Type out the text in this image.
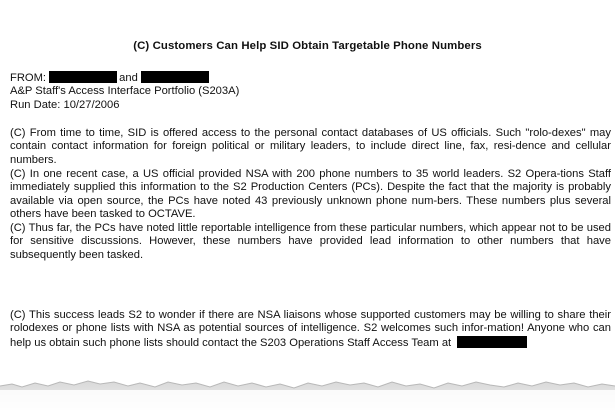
(C) Customers Can Help SID Obtain Targetable Phone Numbers
FROM:	and
A&P Staff's Access Interface Portfolio (S203A)
Run Date: 10/27/2006
(C) From time to time, SID is offered access to the personal contact databases of US officials. Such "rolo-dexes" may contain contact information for foreign political or military leaders, to include direct line, fax, resi-dence and cellular numbers.
(C) In one recent case, a US official provided NSA with 200 phone numbers to 35 world leaders. S2 Opera-tions Staff immediately supplied this information to the S2 Production Centers (PCs). Despite the fact that the majority is probably available via open source, the PCs have noted 43 previously unknown phone num-bers. These numbers plus several others have been tasked to OCTAVE.
(C) Thus far, the PCs have noted little reportable intelligence from these particular numbers, which appear not to be used for sensitive discussions. However, these numbers have provided lead information to other numbers that have subsequently been tasked.
(C) This success leads S2 to wonder if there are NSA liaisons whose supported customers may be willing to share their rolodexes or phone lists with NSA as potential sources of intelligence. S2 welcomes such infor-mation! Anyone who can help us obtain such phone lists should contact the S203 Operations Staff Access Team at
